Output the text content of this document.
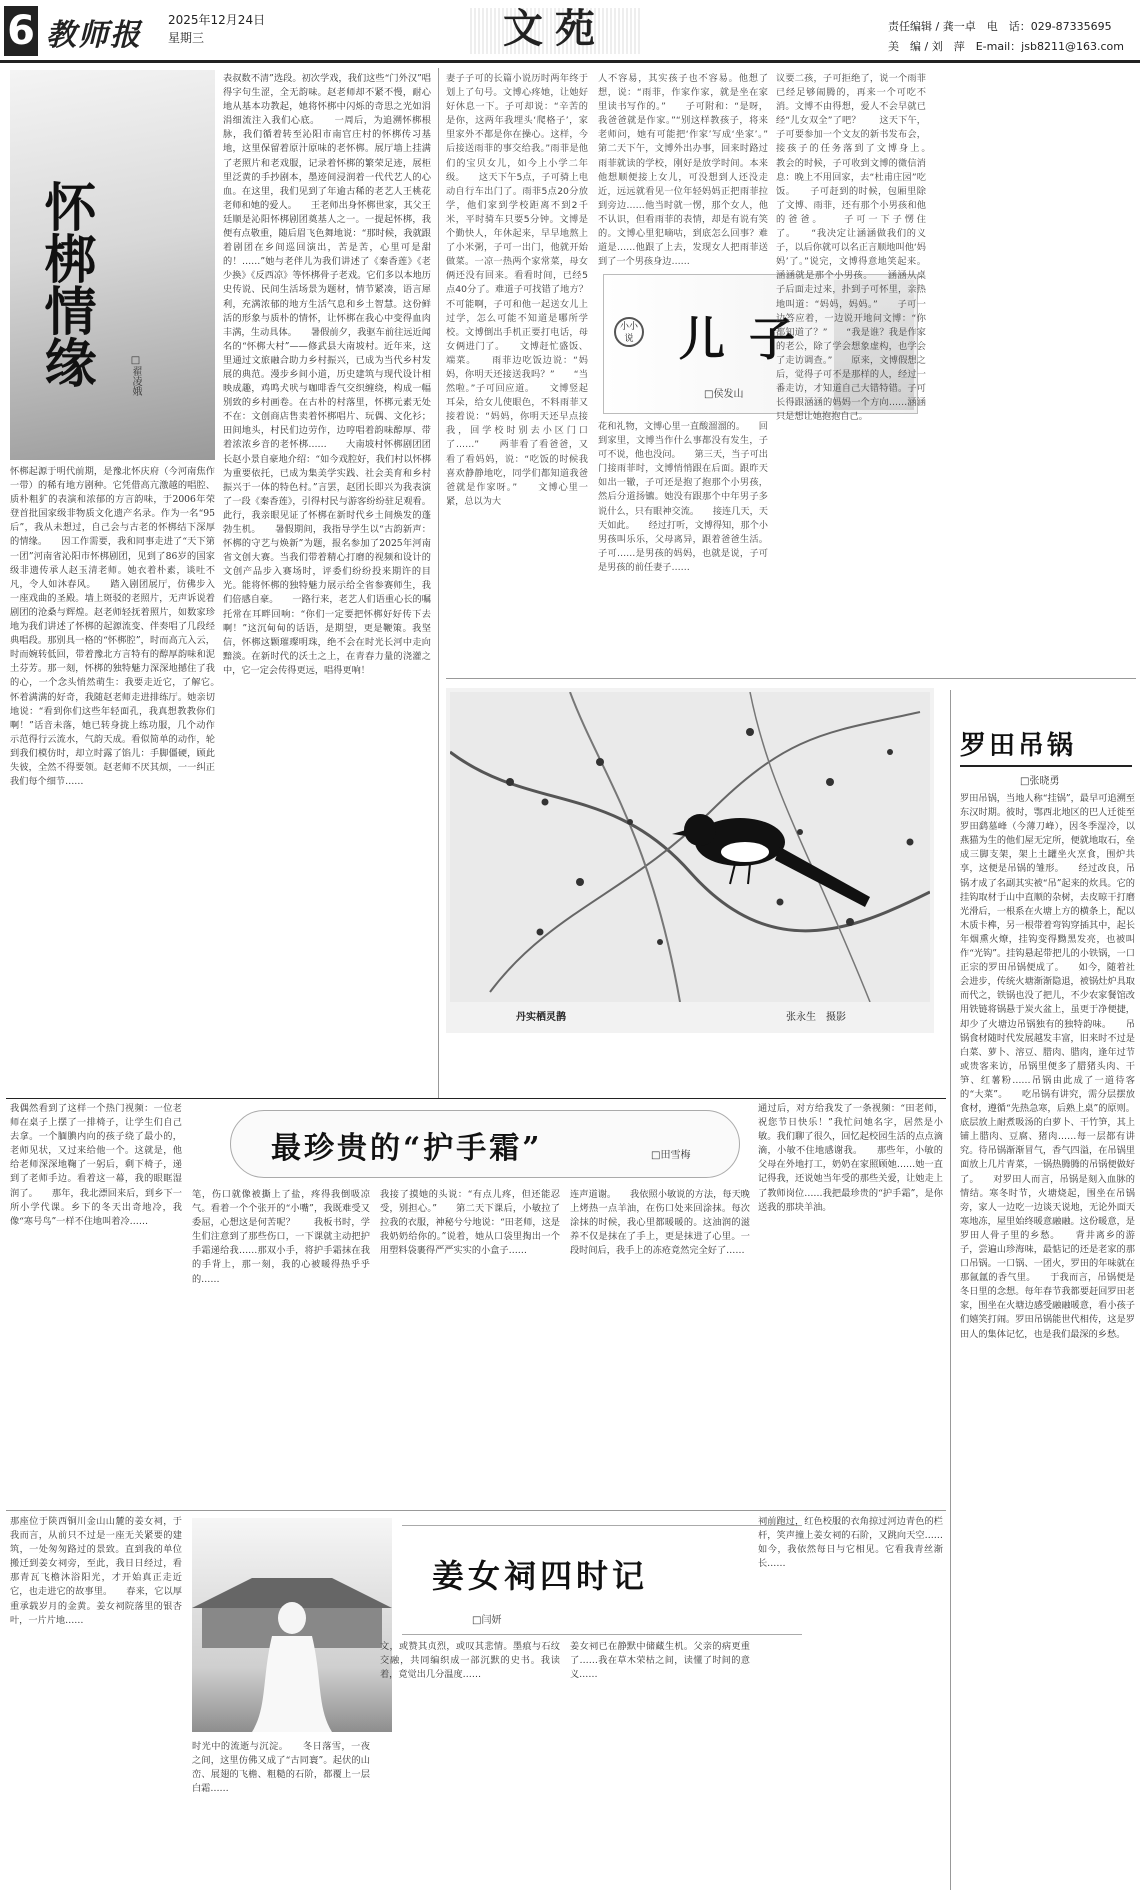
6 教师报	2025年12月24日
星期三	文苑	责任编辑 / 龚一卓　电　话：029-87335695
美　编 / 刘　萍　E-mail：jsb8211@163.com
怀梆情缘	□翟凌娥
怀梆起源于明代前期，是豫北怀庆府（今河南焦作一带）的稀有地方剧种。它凭借高亢激越的唱腔、质朴粗犷的表演和浓郁的方言韵味，于2006年荣登首批国家级非物质文化遗产名录。作为一名“95后”，我从未想过，自己会与古老的怀梆结下深厚的情缘。　　因工作需要，我和同事走进了“天下第一团”河南省沁阳市怀梆剧团，见到了86岁的国家级非遗传承人赵玉清老师。她衣着朴素，谈吐不凡，令人如沐春风。　　踏入剧团展厅，仿佛步入一座戏曲的圣殿。墙上斑驳的老照片，无声诉说着剧团的沧桑与辉煌。赵老师轻抚着照片，如数家珍地为我们讲述了怀梆的起源流变、伴奏唱了几段经典唱段。那别具一格的“怀梆腔”，时而高亢入云，时而婉转低回，带着豫北方言特有的醇厚韵味和泥土芬芳。那一刻，怀梆的独特魅力深深地撼住了我的心，一个念头悄然萌生：我要走近它，了解它。　　怀着满满的好奇，我随赵老师走进排练厅。她亲切地说：“看到你们这些年轻面孔，我真想教教你们啊！”话音未落，她已转身拢上练功服，几个动作示范得行云流水，气韵天成。看似简单的动作，轮到我们模仿时，却立时露了馅儿：手脚僵硬，顾此失彼，全然不得要领。赵老师不厌其烦，一一纠正我们每个细节……
表叔数不清”选段。初次学戏，我们这些“门外汉”唱得字句生涩，全无韵味。赵老师却不紧不慢，耐心地从基本功教起，她将怀梆中闪烁的奇思之光如涓涓细流注入我们心底。　　一周后，为追溯怀梆根脉，我们循着转至沁阳市南官庄村的怀梆传习基地，这里保留着原汁原味的老怀梆。展厅墙上挂满了老照片和老戏服，记录着怀梆的繁荣足迹，展柜里泛黄的手抄剧本，墨迹间浸润着一代代艺人的心血。在这里，我们见到了年逾古稀的老艺人王桃花老师和她的爱人。　　王老师出身怀梆世家，其父王廷顺是沁阳怀梆剧团奠基人之一。一提起怀梆，我便有点敬重，随后眉飞色舞地说：“那时候，我就跟着剧团在乡间巡回演出，苦是苦，心里可是甜的！……”她与老伴儿为我们讲述了《秦香莲》《老少换》《反西凉》等怀梆骨子老戏。它们多以本地历史传说、民间生活场景为题材，情节紧凑，语言犀利，充满浓郁的地方生活气息和乡土智慧。这份鲜活的形象与质朴的情怀，让怀梆在我心中变得血肉丰满，生动具体。　　暑假前夕，我驱车前往远近闻名的“怀梆大村”——修武县大南坡村。近年来，这里通过文旅融合助力乡村振兴，已成为当代乡村发展的典范。漫步乡间小道，历史建筑与现代设计相映成趣，鸡鸣犬吠与咖啡香气交织缠绕，构成一幅别致的乡村画卷。在古朴的村落里，怀梆元素无处不在：文创商店售卖着怀梆唱片、玩偶、文化衫；田间地头，村民们边劳作，边哼唱着韵味醇厚、带着浓浓乡音的老怀梆……　　大南坡村怀梆剧团团长赵小景自豪地介绍：“如今戏腔好，我们村以怀梆为重要依托，已成为集美学实践、社会美育和乡村振兴于一体的特色村。”言罢，赵团长即兴为我表演了一段《秦香莲》，引得村民与游客纷纷驻足观看。此行，我亲眼见证了怀梆在新时代乡土间焕发的蓬勃生机。　　暑假期间，我指导学生以“古韵新声：怀梆的守艺与焕新”为题，报名参加了2025年河南省文创大赛。当我们带着精心打磨的视频和设计的文创产品步入赛场时，评委们纷纷投来期许的目光。能将怀梆的独特魅力展示给全省参赛师生，我们倍感自豪。　　一路行来，老艺人们语重心长的嘱托常在耳畔回响：“你们一定要把怀梆好好传下去啊！”这沉甸甸的话语，是期望，更是鞭策。我坚信，怀梆这颗璀璨明珠，绝不会在时光长河中走向黯淡。在新时代的沃土之上，在青春力量的浇灌之中，它一定会传得更远，唱得更响！
妻子子可的长篇小说历时两年终于划上了句号。文博心疼她，让她好好休息一下。子可却说：“辛苦的是你，这两年我埋头‘爬格子’，家里家外不都是你在操心。这样，今后接送雨菲的事交给我。”雨菲是他们的宝贝女儿，如今上小学二年级。　　这天下午5点，子可骑上电动自行车出门了。雨菲5点20分放学，他们家到学校距离不到2千米，平时骑车只要5分钟。文博是个勤快人，年休起来，早早地熬上了小米粥，子可一出门，他就开始做菜。一凉一热两个家常菜，母女俩还没有回来。看看时间，已经5点40分了。难道子可找错了地方？不可能啊，子可和他一起送女儿上过学，怎么可能不知道是哪所学校。文博倒出手机正要打电话，母女俩进门了。　　文博赶忙盛饭、端菜。　　雨菲边吃饭边说：“妈妈，你明天还接送我吗？”　　“当然啦。”子可回应道。　　文博竖起耳朵，给女儿使眼色，不料雨菲又接着说：“妈妈，你明天还早点接我，回学校时别去小区门口了……”　　两菲看了看爸爸，又看了看妈妈，说：“吃饭的时候我喜欢静静地吃，同学们都知道我爸爸就是作家呀。”　　文博心里一紧，总以为大
小小说 儿子
□侯发山
人不容易，其实孩子也不容易。他想了想，说：“雨菲，作家作家，就是坐在家里读书写作的。”　　子可附和：“是呀，我爸爸就是作家。”“别这样教孩子，将来老师问，她有可能把‘作家’写成‘坐家’。”　　第二天下午，文博外出办事，回来时路过雨菲就读的学校，刚好是放学时间。本来他想顺便接上女儿，可没想到人还没走近，远远就看见一位年轻妈妈正把雨菲拉到旁边……他当时就一愣，那个女人，他不认识，但看雨菲的表情，却是有说有笑的。文博心里犯嘀咕，到底怎么回事？难道是……他跟了上去，发现女人把雨菲送到了一个男孩身边……
花和礼物，文博心里一直酸溜溜的。　　回到家里，文博当作什么事都没有发生，子可不说，他也没问。　　第三天，当子可出门接雨菲时，文博悄悄跟在后面。跟昨天如出一辙，子可还是抱了抱那个小男孩，然后分道扬镳。她没有跟那个中年男子多说什么，只有眼神交流。　　接连几天，天天如此。　　经过打听，文博得知，那个小男孩叫乐乐，父母离异，跟着爸爸生活。子可……是男孩的妈妈，也就是说，子可是男孩的前任妻子……
议要二孩，子可拒绝了，说一个雨菲已经足够闹腾的，再来一个可吃不消。文博不由得想，爱人不会早就已经“儿女双全”了吧？　　这天下午，子可要参加一个文友的新书发布会，接孩子的任务落到了文博身上。　　教会的时候，子可收到文博的微信消息：晚上不用回家，去“杜甫庄园”吃饭。　　子可赶到的时候，包厢里除了文博、雨菲，还有那个小男孩和他的爸爸。　　子可一下子愣住了。　　“我决定让涵涵做我们的义子，以后你就可以名正言顺地叫他‘妈妈’了。”说完，文博得意地笑起来。涵涵就是那个小男孩。　　涵涵从桌子后面走过来，扑到子可怀里，亲热地叫道：“妈妈，妈妈。”　　子可一边答应着，一边说开地问文博：“你都知道了？”　　“我是谁？我是作家的老公，除了学会想象虚构，也学会了走访调查。”　　原来，文博假想之后，觉得子可不是那样的人，经过一番走访，才知道自己大错特错。子可长得跟涵涵的妈妈一个方向……涵涵只是想让她抱抱自己。
丹实栖灵鹊	张永生　摄影
罗田吊锅
□张晓勇
罗田吊锅，当地人称“挂锅”，最早可追溯至东汉时期。彼时，鄂西北地区的巴人迁徙至罗田鹞墓峰（今薄刀峰），因冬季湿冷，以燕猫为生的他们屋无定所，便就地取石，垒成三脚支架，架上土罐坐火烹食，围炉共享，这便是吊锅的雏形。　　经过改良，吊锅才成了名副其实被“吊”起来的炊具。它的挂钩取材于山中直顺的杂树，去皮晾干打磨光滑后，一根系在火塘上方的横条上，配以木质卡榫，另一根带着弯钩穿插其中，起长年烟熏火燎，挂钩变得黝黑发亮，也被叫作“光钩”。挂钩悬起带把儿的小铁锅，一口正宗的罗田吊锅便成了。　　如今，随着社会进步，传统火塘渐渐隐退，被锅灶炉具取而代之，铁锅也没了把儿，不少农家餐馆改用铁链将锅悬于炭火盆上，虽更于净便捷，却少了火塘边吊锅独有的独特韵味。　　吊锅食材随时代发展越发丰富，旧来时不过是白菜、萝卜、溶豆、腊肉、腊肉，逢年过节或贵客来访，吊锅里便多了腊猪头肉、干笋、红薯粉……吊锅由此成了一道待客的“大菜”。　　吃吊锅有讲究，需分层摆放食材，遵循“先热急寒，后熟上桌”的原则。底层放上耐煮吸汤的白萝卜、干竹笋，其上铺上腊肉、豆腐、猪肉……每一层都有讲究。待吊锅渐渐冒气，香气四溢，在吊锅里面放上几片青菜，一锅热腾腾的吊锅便做好了。　　对罗田人而言，吊锅是刻入血脉的情结。寒冬时节，火塘烧起，围坐在吊锅旁，家人一边吃一边谈天说地，无论外面天寒地冻，屋里始终暖意融融。这份暖意，是罗田人骨子里的乡愁。　　背井离乡的游子，尝遍山珍海味，最惦记的还是老家的那口吊锅。一口锅、一团火，罗田的年味就在那氤氲的香气里。　　于我而言，吊锅便是冬日里的念想。每年春节我都要赶回罗田老家，围坐在火塘边感受融融暖意，看小孩子们嬉笑打闹。罗田吊锅能世代相传，这是罗田人的集体记忆，也是我们最深的乡愁。
我偶然看到了这样一个热门视频：一位老师在桌子上摆了一排椅子，让学生们自己去拿。一个腼腆内向的孩子绕了最小的，老师见状，又过来给他一个。这就是，他给老师深深地鞠了一躬后，剩下椅子，递到了老师手边。看着这一幕，我的眼眶湿润了。　　那年，我北漂回来后，到乡下一所小学代课。乡下的冬天出奇地冷，我像“寒号鸟”一样不住地叫着冷……
最珍贵的“护手霜”	□田雪梅
笔，伤口就像被撕上了盐，疼得我倒吸凉气。看着一个个张开的“小嘴”，我既难受又委屈，心想这是何苦呢？　　我板书时，学生们注意到了那些伤口，一下课就主动把护手霜递给我……那双小手，将护手霜抹在我的手背上，那一刻，我的心被暖得热乎乎的……
我接了摸她的头说：“有点儿疼，但还能忍受，别担心。”　　第二天下课后，小敏拉了拉我的衣服，神秘兮兮地说：“田老师，这是我奶奶给你的。”说着，她从口袋里掏出一个用塑料袋裹得严严实实的小盒子……
连声道谢。　　我依照小敏说的方法，每天晚上烤热一点羊油，在伤口处来回涂抹。每次涂抹的时候，我心里都暖暖的。这油润的滋养不仅是抹在了手上，更是抹进了心里。一段时间后，我手上的冻疮竟然完全好了……
通过后，对方给我发了一条视频：“田老师，祝您节日快乐！”我忙问她名字，居然是小敏。我们聊了很久，回忆起校园生活的点点滴滴，小敏不住地感谢我。　　那些年，小敏的父母在外地打工，奶奶在家照顾她……她一直记得我，还说她当年受的那些关爱，让她走上了教师岗位……我把最珍贵的“护手霜”，是你送我的那块羊油。
那座位于陕西铜川金山山麓的姜女祠，于我而言，从前只不过是一座无关紧要的建筑，一处匆匆路过的景致。直到我的单位搬迁到姜女祠旁，至此，我日日经过，看那青瓦飞檐沐浴阳光，才开始真正走近它，也走进它的故事里。　　春来，它以厚重承载岁月的金黄。姜女祠院落里的银杏叶，一片片地……
姜女祠四时记
□闫妍
时光中的流逝与沉淀。　　冬日落雪，一夜之间，这里仿佛又成了“古同寰”。起伏的山峦、展翅的飞檐、粗糙的石阶，都覆上一层白霜……
文，或赞其贞烈，或叹其悲情。墨痕与石纹交融，共同编织成一部沉默的史书。我读着，竟觉出几分温度……
姜女祠已在静默中储藏生机。父亲的病更重了……我在草木荣枯之间，读懂了时间的意义……
祠前跑过，红色校服的衣角掠过河边青色的栏杆，笑声撞上姜女祠的石阶，又跳向天空……如今，我依然每日与它相见。它看我青丝渐长……
